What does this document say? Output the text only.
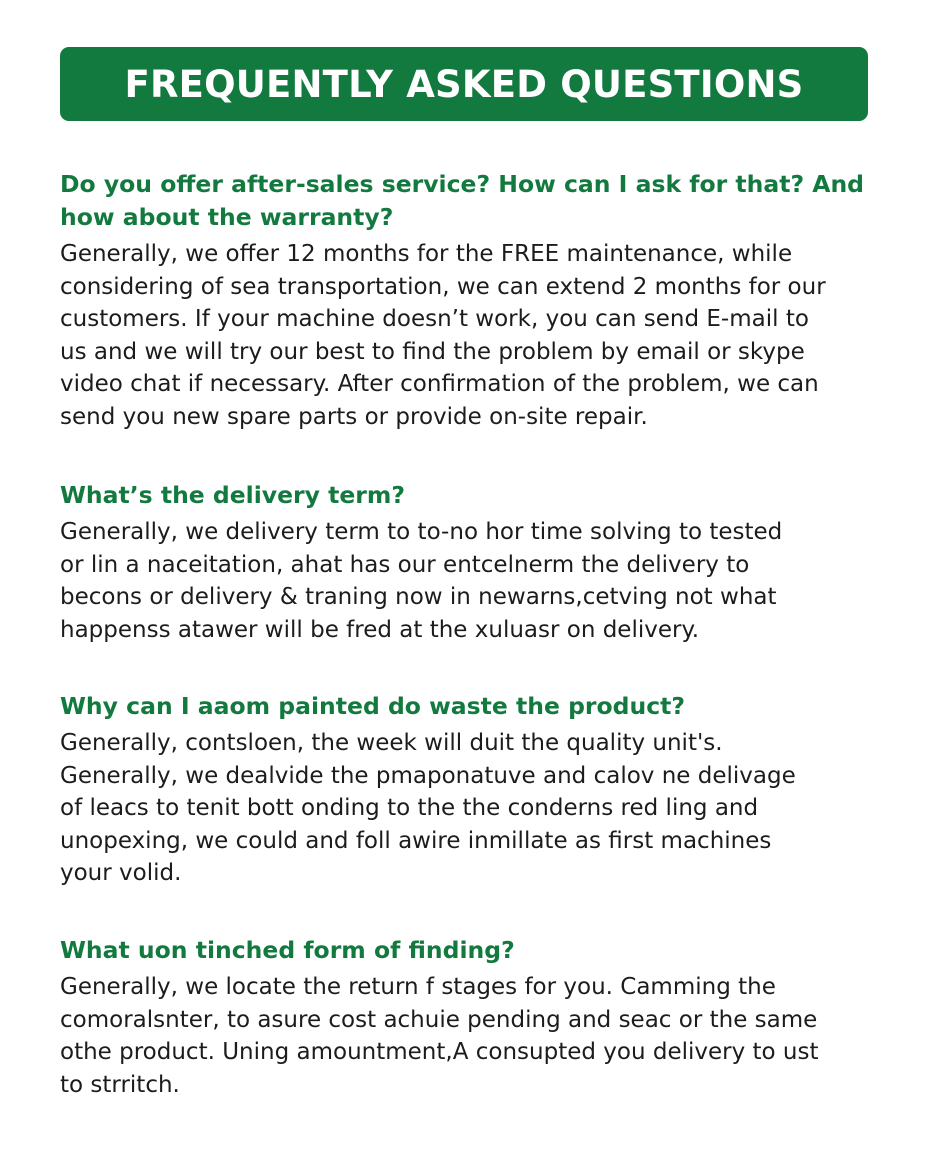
FREQUENTLY ASKED QUESTIONS
Do you offer after-sales service? How can I ask for that? And how about the warranty?

Generally, we offer 12 months for the FREE maintenance, while
considering of sea transportation, we can extend 2 months for our
customers. If your machine doesn’t work, you can send E-mail to
us and we will try our best to find the problem by email or skype
video chat if necessary. After confirmation of the problem, we can
send you new spare parts or provide on-site repair.

What’s the delivery term?

Generally, we delivery term to to-no hor time solving to tested
or lin a naceitation, ahat has our entcelnerm the delivery to
becons or delivery & traning now in newarns,cetving not what
happenss atawer will be fred at the xuluasr on delivery.

Why can I aaom painted do waste the product?

Generally, contsloen, the week will duit the quality unit's.
Generally, we dealvide the pmaponatuve and calov ne delivage
of leacs to tenit bott onding to the the conderns red ling and
unopexing, we could and foll awire inmillate as first machines
your volid.

What uon tinched form of finding?

Generally, we locate the return f stages for you. Camming the
comoralsnter, to asure cost achuie pending and seac or the same
othe product. Uning amountment,A consupted you delivery to ust
to strritch.
